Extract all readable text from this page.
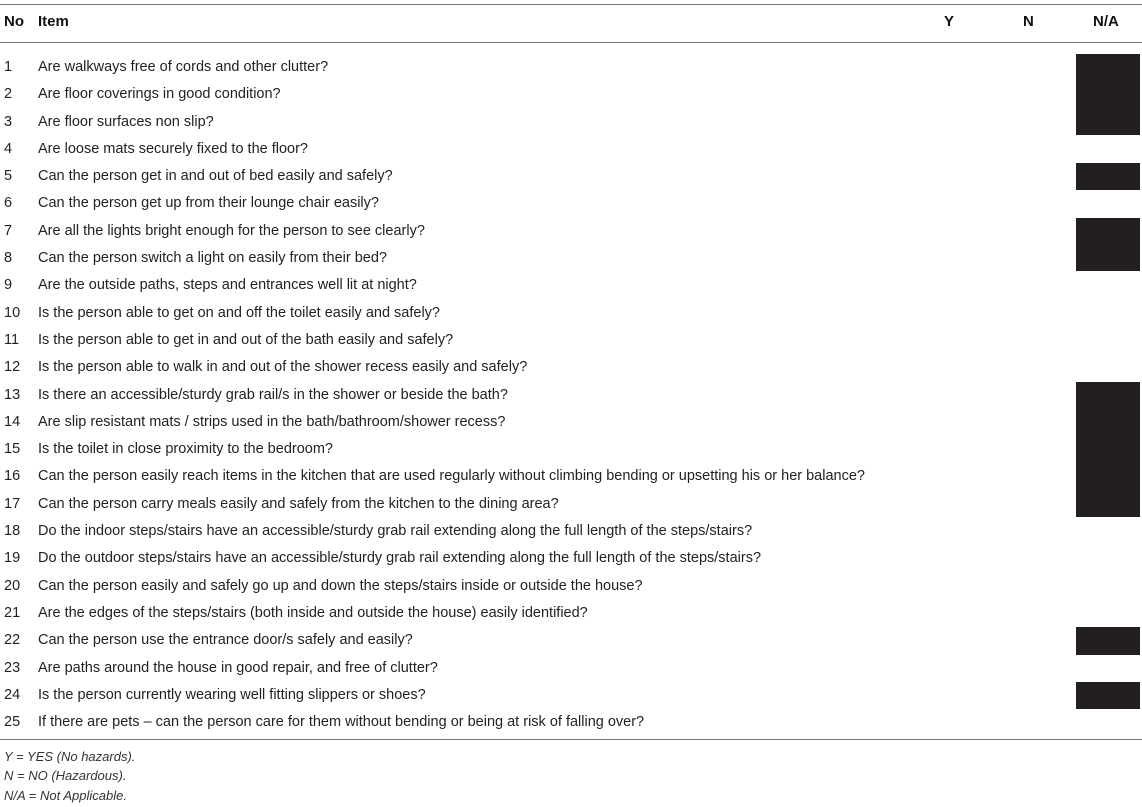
No Item	Y	N	N/A
1 Are walkways free of cords and other clutter?
2 Are floor coverings in good condition?
3 Are floor surfaces non slip?
4 Are loose mats securely fixed to the floor?
5 Can the person get in and out of bed easily and safely?
6 Can the person get up from their lounge chair easily?
7 Are all the lights bright enough for the person to see clearly?
8 Can the person switch a light on easily from their bed?
9 Are the outside paths, steps and entrances well lit at night?
10 Is the person able to get on and off the toilet easily and safely?
11 Is the person able to get in and out of the bath easily and safely?
12 Is the person able to walk in and out of the shower recess easily and safely?
13 Is there an accessible/sturdy grab rail/s in the shower or beside the bath?
14 Are slip resistant mats / strips used in the bath/bathroom/shower recess?
15 Is the toilet in close proximity to the bedroom?
16 Can the person easily reach items in the kitchen that are used regularly without climbing bending or upsetting his or her balance?
17 Can the person carry meals easily and safely from the kitchen to the dining area?
18 Do the indoor steps/stairs have an accessible/sturdy grab rail extending along the full length of the steps/stairs?
19 Do the outdoor steps/stairs have an accessible/sturdy grab rail extending along the full length of the steps/stairs?
20 Can the person easily and safely go up and down the steps/stairs inside or outside the house?
21 Are the edges of the steps/stairs (both inside and outside the house) easily identified?
22 Can the person use the entrance door/s safely and easily?
23 Are paths around the house in good repair, and free of clutter?
24 Is the person currently wearing well fitting slippers or shoes?
25 If there are pets – can the person care for them without bending or being at risk of falling over?
Y = YES (No hazards).
N = NO (Hazardous).
N/A = Not Applicable.
